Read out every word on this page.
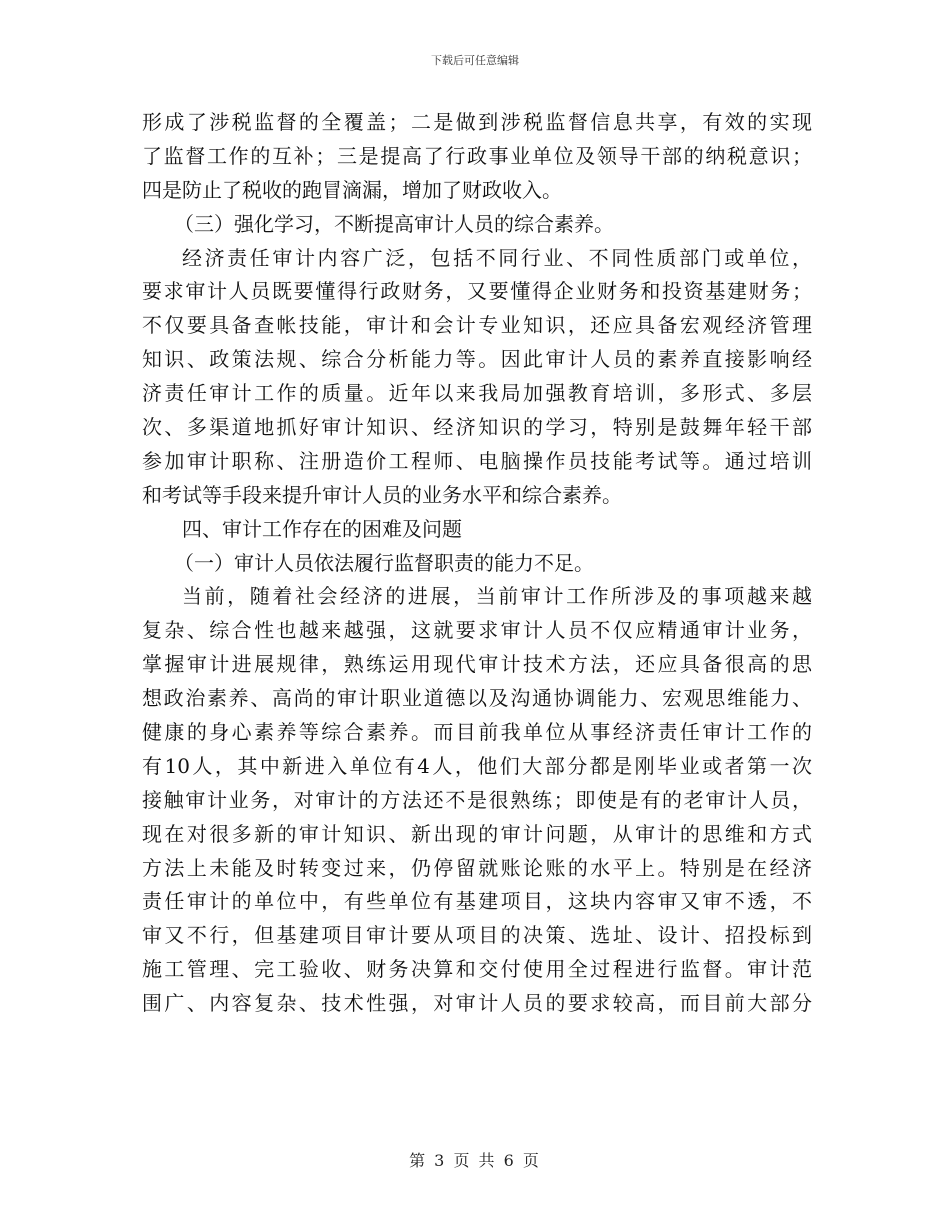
下载后可任意编辑
形成了涉税监督的全覆盖；二是做到涉税监督信息共享，有效的实现
了监督工作的互补；三是提高了行政事业单位及领导干部的纳税意识；
四是防止了税收的跑冒滴漏，增加了财政收入。
（三）强化学习，不断提高审计人员的综合素养。
经济责任审计内容广泛，包括不同行业、不同性质部门或单位，
要求审计人员既要懂得行政财务，又要懂得企业财务和投资基建财务；
不仅要具备查帐技能，审计和会计专业知识，还应具备宏观经济管理
知识、政策法规、综合分析能力等。因此审计人员的素养直接影响经
济责任审计工作的质量。近年以来我局加强教育培训，多形式、多层
次、多渠道地抓好审计知识、经济知识的学习，特别是鼓舞年轻干部
参加审计职称、注册造价工程师、电脑操作员技能考试等。通过培训
和考试等手段来提升审计人员的业务水平和综合素养。
四、审计工作存在的困难及问题
（一）审计人员依法履行监督职责的能力不足。
当前，随着社会经济的进展，当前审计工作所涉及的事项越来越
复杂、综合性也越来越强，这就要求审计人员不仅应精通审计业务，
掌握审计进展规律，熟练运用现代审计技术方法，还应具备很高的思
想政治素养、高尚的审计职业道德以及沟通协调能力、宏观思维能力、
健康的身心素养等综合素养。而目前我单位从事经济责任审计工作的
有10人，其中新进入单位有4人，他们大部分都是刚毕业或者第一次
接触审计业务，对审计的方法还不是很熟练；即使是有的老审计人员，
现在对很多新的审计知识、新出现的审计问题，从审计的思维和方式
方法上未能及时转变过来，仍停留就账论账的水平上。特别是在经济
责任审计的单位中，有些单位有基建项目，这块内容审又审不透，不
审又不行，但基建项目审计要从项目的决策、选址、设计、招投标到
施工管理、完工验收、财务决算和交付使用全过程进行监督。审计范
围广、内容复杂、技术性强，对审计人员的要求较高，而目前大部分
第 3 页 共 6 页
